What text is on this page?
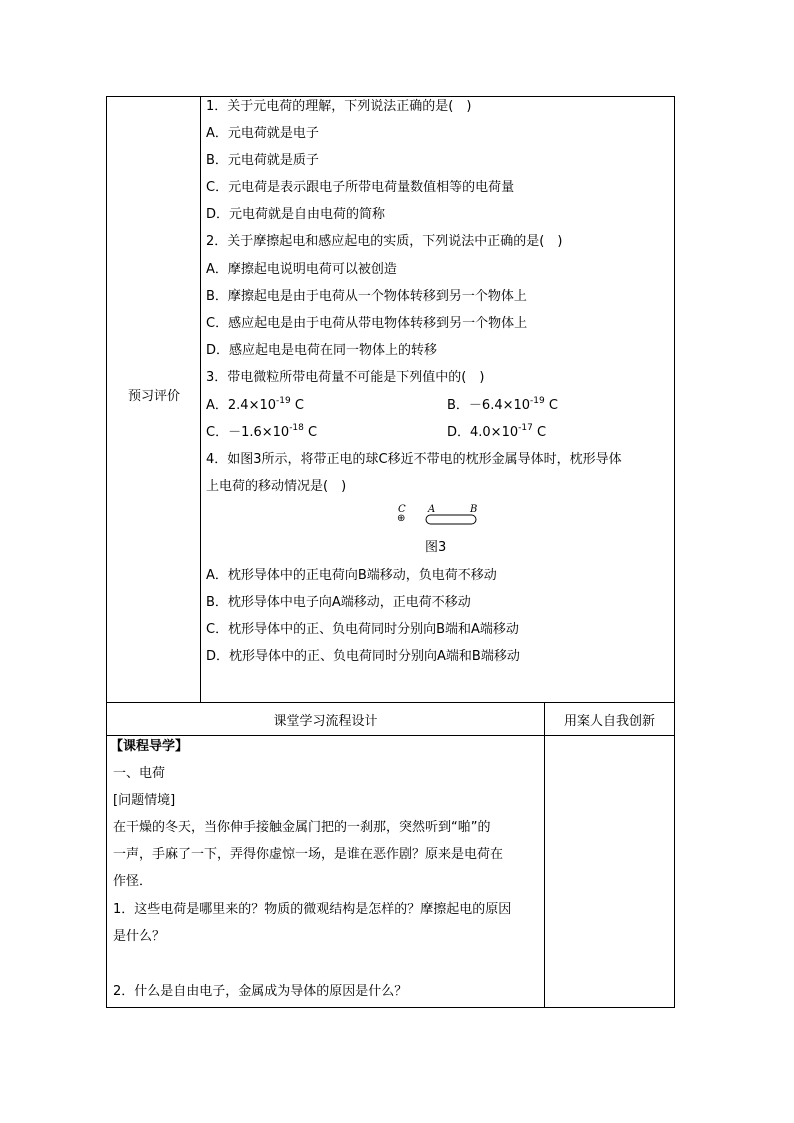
预习评价
1．关于元电荷的理解，下列说法正确的是(　)
A．元电荷就是电子
B．元电荷就是质子
C．元电荷是表示跟电子所带电荷量数值相等的电荷量
D．元电荷就是自由电荷的简称
2．关于摩擦起电和感应起电的实质，下列说法中正确的是(　)
A．摩擦起电说明电荷可以被创造
B．摩擦起电是由于电荷从一个物体转移到另一个物体上
C．感应起电是由于电荷从带电物体转移到另一个物体上
D．感应起电是电荷在同一物体上的转移
3．带电微粒所带电荷量不可能是下列值中的(　)
A．$2.4\times 10^{-19}$ C	B．$-6.4\times 10^{-19}$ C
C．$-1.6\times 10^{-18}$ C	D．$4.0\times 10^{-17}$ C
4．如图3所示，将带正电的球C移近不带电的枕形金属导体时，枕形导体
上电荷的移动情况是(　)
C
⊕
A	B
图3
A．枕形导体中的正电荷向B端移动，负电荷不移动
B．枕形导体中电子向A端移动，正电荷不移动
C．枕形导体中的正、负电荷同时分别向B端和A端移动
D．枕形导体中的正、负电荷同时分别向A端和B端移动
课堂学习流程设计	用案人自我创新
【课程导学】
一、电荷
[问题情境]
在干燥的冬天，当你伸手接触金属门把的一刹那，突然听到“啪”的
一声，手麻了一下，弄得你虚惊一场，是谁在恶作剧？原来是电荷在
作怪．
1．这些电荷是哪里来的？物质的微观结构是怎样的？摩擦起电的原因
是什么？
2．什么是自由电子，金属成为导体的原因是什么？
